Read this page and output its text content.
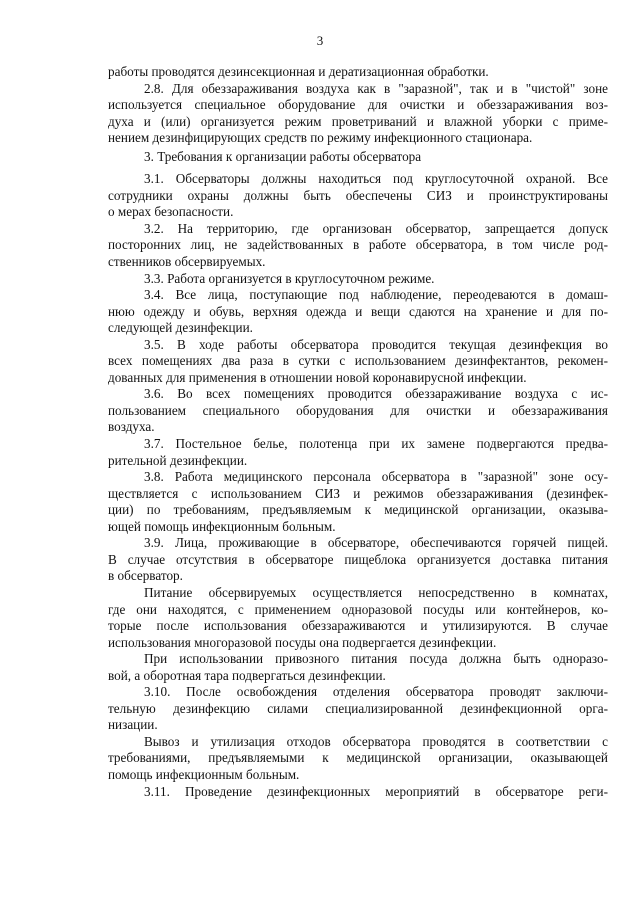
3
работы проводятся дезинсекционная и дератизационная обработки.
2.8. Для обеззараживания воздуха как в "заразной", так и в "чистой" зоне
используется специальное оборудование для очистки и обеззараживания воз-
духа и (или) организуется режим проветриваний и влажной уборки с приме-
нением дезинфицирующих средств по режиму инфекционного стационара.
3. Требования к организации работы обсерватора
3.1. Обсерваторы должны находиться под круглосуточной охраной. Все
сотрудники охраны должны быть обеспечены СИЗ и проинструктированы
о мерах безопасности.
3.2. На территорию, где организован обсерватор, запрещается допуск
посторонних лиц, не задействованных в работе обсерватора, в том числе род-
ственников обсервируемых.
3.3. Работа организуется в круглосуточном режиме.
3.4. Все лица, поступающие под наблюдение, переодеваются в домаш-
нюю одежду и обувь, верхняя одежда и вещи сдаются на хранение и для по-
следующей дезинфекции.
3.5. В ходе работы обсерватора проводится текущая дезинфекция во
всех помещениях два раза в сутки с использованием дезинфектантов, рекомен-
дованных для применения в отношении новой коронавирусной инфекции.
3.6. Во всех помещениях проводится обеззараживание воздуха с ис-
пользованием специального оборудования для очистки и обеззараживания
воздуха.
3.7. Постельное белье, полотенца при их замене подвергаются предва-
рительной дезинфекции.
3.8. Работа медицинского персонала обсерватора в "заразной" зоне осу-
ществляется с использованием СИЗ и режимов обеззараживания (дезинфек-
ции) по требованиям, предъявляемым к медицинской организации, оказыва-
ющей помощь инфекционным больным.
3.9. Лица, проживающие в обсерваторе, обеспечиваются горячей пищей.
В случае отсутствия в обсерваторе пищеблока организуется доставка питания
в обсерватор.
Питание обсервируемых осуществляется непосредственно в комнатах,
где они находятся, с применением одноразовой посуды или контейнеров, ко-
торые после использования обеззараживаются и утилизируются. В случае
использования многоразовой посуды она подвергается дезинфекции.
При использовании привозного питания посуда должна быть одноразо-
вой, а оборотная тара подвергаться дезинфекции.
3.10. После освобождения отделения обсерватора проводят заключи-
тельную дезинфекцию силами специализированной дезинфекционной орга-
низации.
Вывоз и утилизация отходов обсерватора проводятся в соответствии с
требованиями, предъявляемыми к медицинской организации, оказывающей
помощь инфекционным больным.
3.11. Проведение дезинфекционных мероприятий в обсерваторе реги-
